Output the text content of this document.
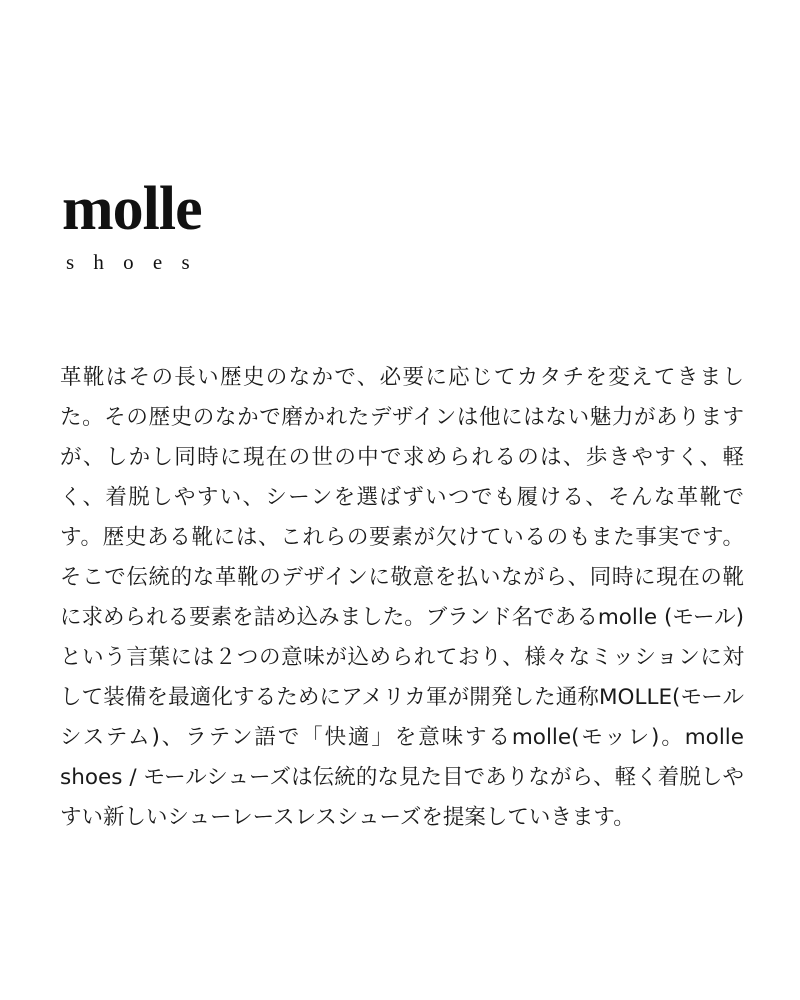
molle
s h o e s
革靴はその長い歴史のなかで、必要に応じてカタチを変えてきました。その歴史のなかで磨かれたデザインは他にはない魅力がありますが、しかし同時に現在の世の中で求められるのは、歩きやすく、軽く、着脱しやすい、シーンを選ばずいつでも履ける、そんな革靴です。歴史ある靴には、これらの要素が欠けているのもまた事実です。そこで伝統的な革靴のデザインに敬意を払いながら、同時に現在の靴に求められる要素を詰め込みました。ブランド名であるmolle (モール)という言葉には２つの意味が込められており、様々なミッションに対して装備を最適化するためにアメリカ軍が開発した通称MOLLE(モールシステム)、ラテン語で「快適」を意味するmolle(モッレ)。molle shoes / モールシューズは伝統的な見た目でありながら、軽く着脱しやすい新しいシューレースレスシューズを提案していきます。
